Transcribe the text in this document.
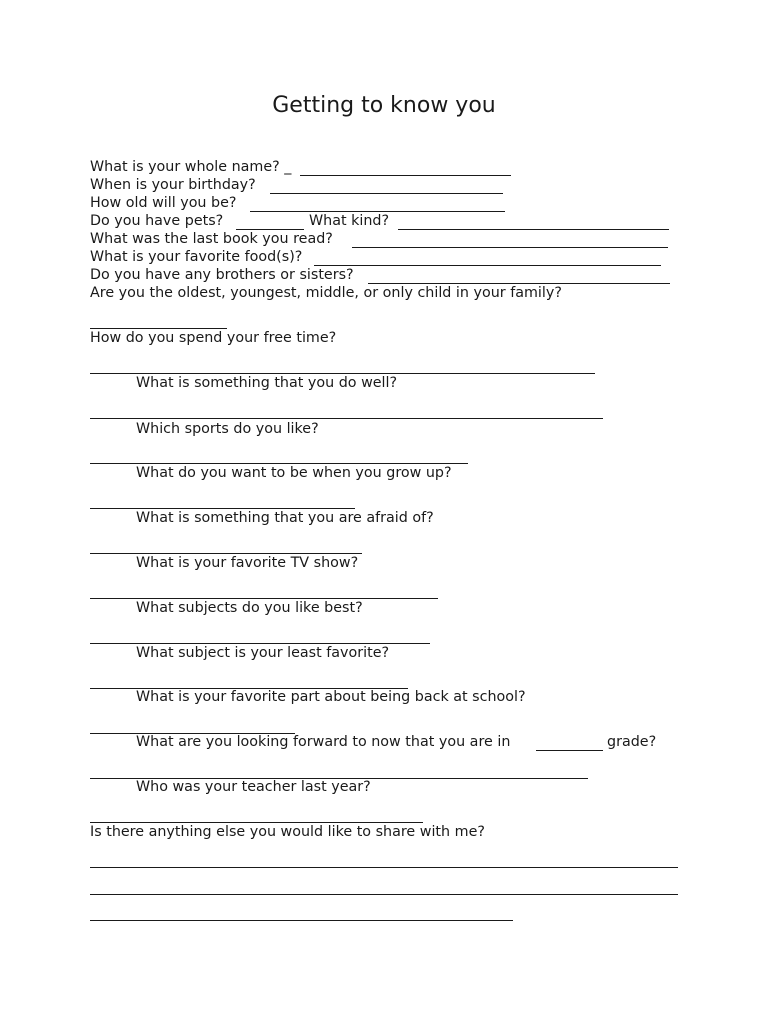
Getting to know you
What is your whole name? _
When is your birthday?
How old will you be?
Do you have pets?	What kind?
What was the last book you read?
What is your favorite food(s)?
Do you have any brothers or sisters?
Are you the oldest, youngest, middle, or only child in your family?
How do you spend your free time?
What is something that you do well?
Which sports do you like?
What do you want to be when you grow up?
What is something that you are afraid of?
What is your favorite TV show?
What subjects do you like best?
What subject is your least favorite?
What is your favorite part about being back at school?
What are you looking forward to now that you are in	grade?
Who was your teacher last year?
Is there anything else you would like to share with me?
